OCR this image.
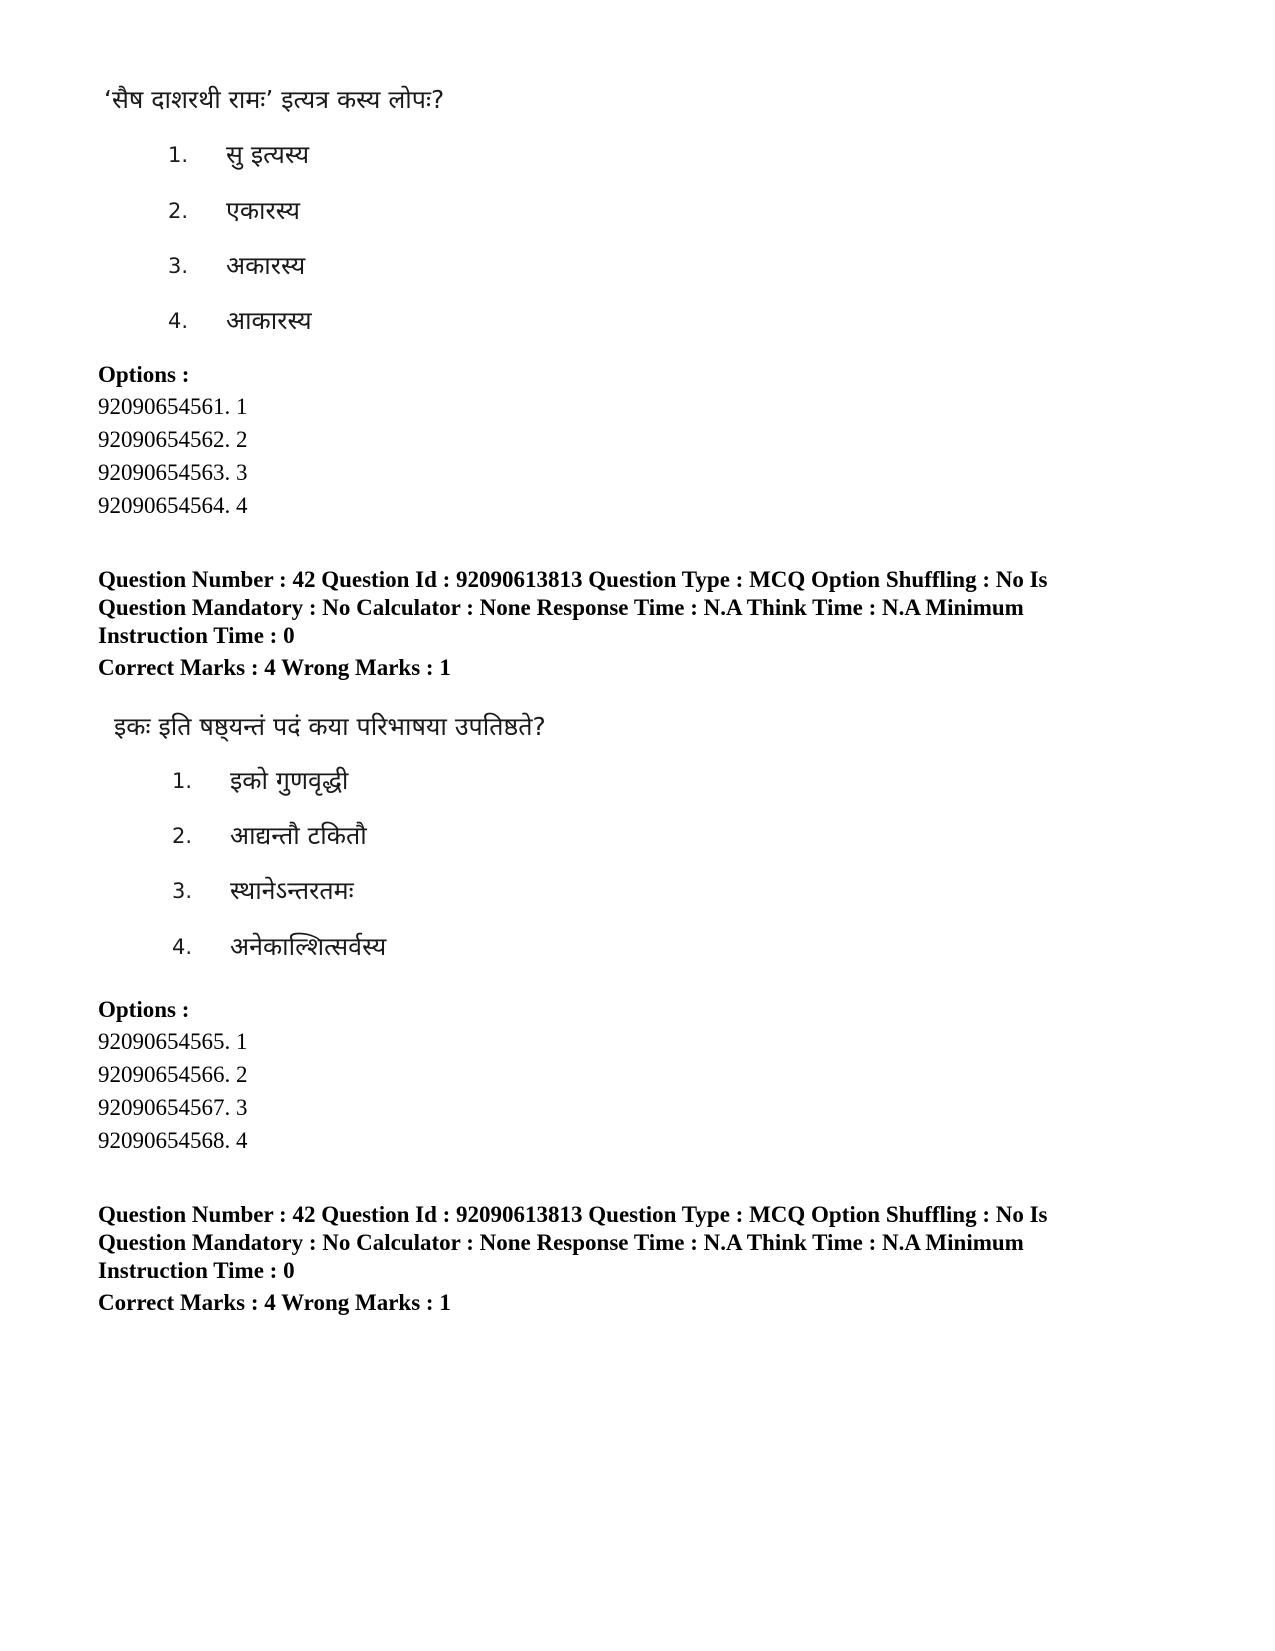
‘सैष दाशरथी रामः’ इत्यत्र कस्य लोपः?
1.	सु इत्यस्य
2.	एकारस्य
3.	अकारस्य
4.	आकारस्य
Options :
92090654561. 1
92090654562. 2
92090654563. 3
92090654564. 4
Question Number : 42 Question Id : 92090613813 Question Type : MCQ Option Shuffling : No Is
Question Mandatory : No Calculator : None Response Time : N.A Think Time : N.A Minimum
Instruction Time : 0
Correct Marks : 4 Wrong Marks : 1
इकः इति षष्ठ्यन्तं पदं कया परिभाषया उपतिष्ठते?
1.	इको गुणवृद्धी
2.	आद्यन्तौ टकितौ
3.	स्थानेऽन्तरतमः
4.	अनेकाल्शित्सर्वस्य
Options :
92090654565. 1
92090654566. 2
92090654567. 3
92090654568. 4
Question Number : 42 Question Id : 92090613813 Question Type : MCQ Option Shuffling : No Is
Question Mandatory : No Calculator : None Response Time : N.A Think Time : N.A Minimum
Instruction Time : 0
Correct Marks : 4 Wrong Marks : 1
